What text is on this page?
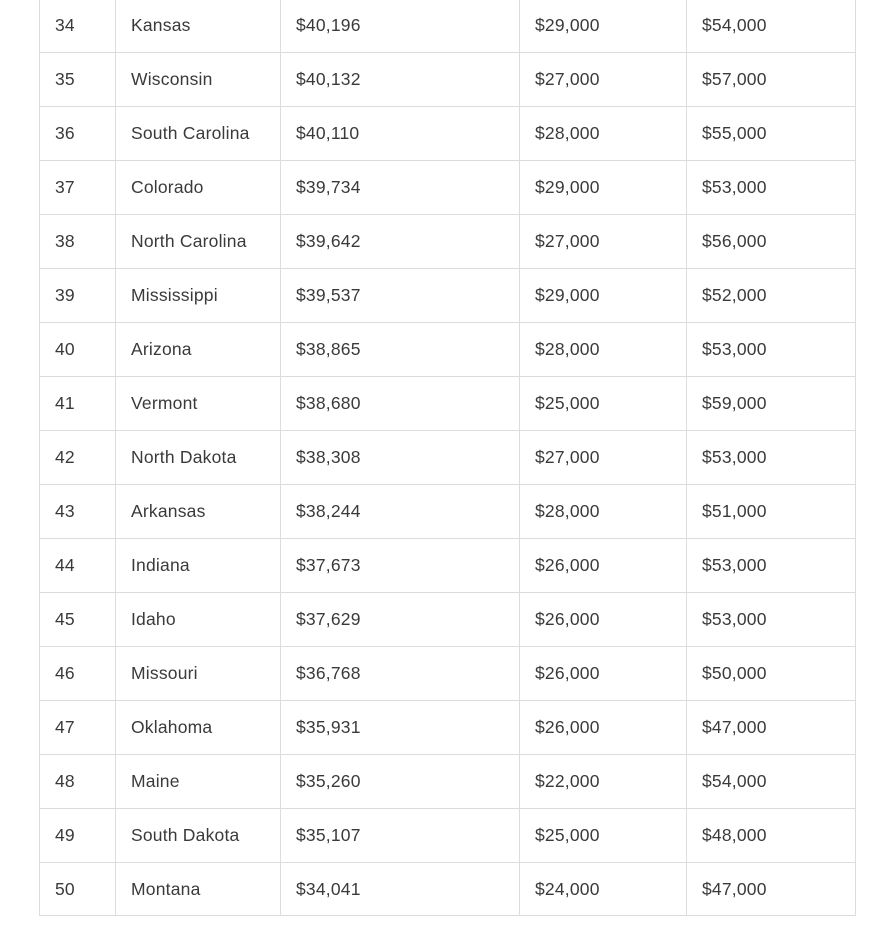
34	Kansas	$40,196	$29,000	$54,000
35	Wisconsin	$40,132	$27,000	$57,000
36	South Carolina	$40,110	$28,000	$55,000
37	Colorado	$39,734	$29,000	$53,000
38	North Carolina	$39,642	$27,000	$56,000
39	Mississippi	$39,537	$29,000	$52,000
40	Arizona	$38,865	$28,000	$53,000
41	Vermont	$38,680	$25,000	$59,000
42	North Dakota	$38,308	$27,000	$53,000
43	Arkansas	$38,244	$28,000	$51,000
44	Indiana	$37,673	$26,000	$53,000
45	Idaho	$37,629	$26,000	$53,000
46	Missouri	$36,768	$26,000	$50,000
47	Oklahoma	$35,931	$26,000	$47,000
48	Maine	$35,260	$22,000	$54,000
49	South Dakota	$35,107	$25,000	$48,000
50	Montana	$34,041	$24,000	$47,000
